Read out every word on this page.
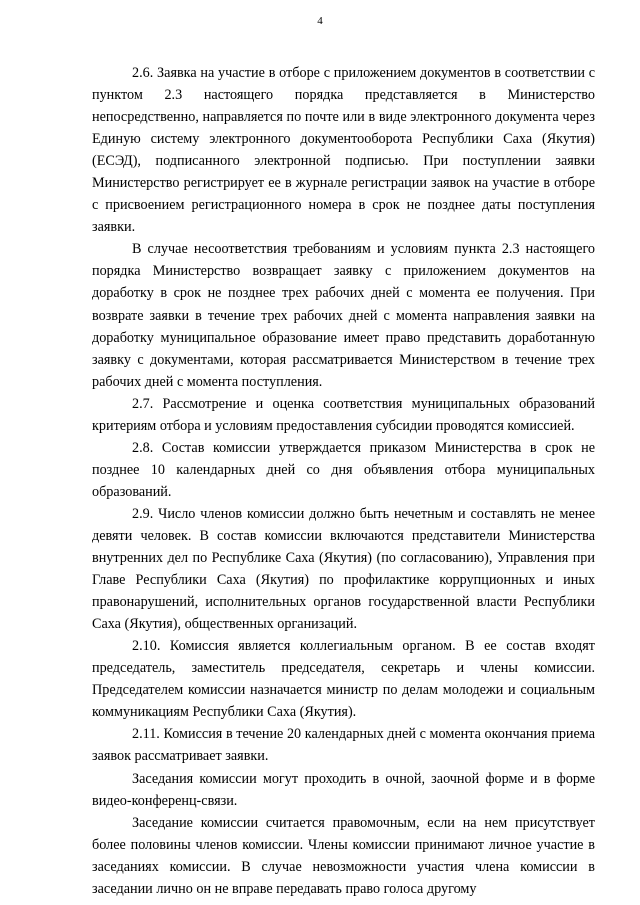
4

2.6. Заявка на участие в отборе с приложением документов в соответствии с пунктом 2.3 настоящего порядка представляется в Министерство непосредственно, направляется по почте или в виде электронного документа через Единую систему электронного документооборота Республики Саха (Якутия) (ЕСЭД), подписанного электронной подписью. При поступлении заявки Министерство регистрирует ее в журнале регистрации заявок на участие в отборе с присвоением регистрационного номера в срок не позднее даты поступления заявки.

В случае несоответствия требованиям и условиям пункта 2.3 настоящего порядка Министерство возвращает заявку с приложением документов на доработку в срок не позднее трех рабочих дней с момента ее получения. При возврате заявки в течение трех рабочих дней с момента направления заявки на доработку муниципальное образование имеет право представить доработанную заявку с документами, которая рассматривается Министерством в течение трех рабочих дней с момента поступления.

2.7. Рассмотрение и оценка соответствия муниципальных образований критериям отбора и условиям предоставления субсидии проводятся комиссией.

2.8. Состав комиссии утверждается приказом Министерства в срок не позднее 10 календарных дней со дня объявления отбора муниципальных образований.

2.9. Число членов комиссии должно быть нечетным и составлять не менее девяти человек. В состав комиссии включаются представители Министерства внутренних дел по Республике Саха (Якутия) (по согласованию), Управления при Главе Республики Саха (Якутия) по профилактике коррупционных и иных правонарушений, исполнительных органов государственной власти Республики Саха (Якутия), общественных организаций.

2.10. Комиссия является коллегиальным органом. В ее состав входят председатель, заместитель председателя, секретарь и члены комиссии. Председателем комиссии назначается министр по делам молодежи и социальным коммуникациям Республики Саха (Якутия).

2.11. Комиссия в течение 20 календарных дней с момента окончания приема заявок рассматривает заявки.

Заседания комиссии могут проходить в очной, заочной форме и в форме видео-конференц-связи.

Заседание комиссии считается правомочным, если на нем присутствует более половины членов комиссии. Члены комиссии принимают личное участие в заседаниях комиссии. В случае невозможности участия члена комиссии в заседании лично он не вправе передавать право голоса другому
